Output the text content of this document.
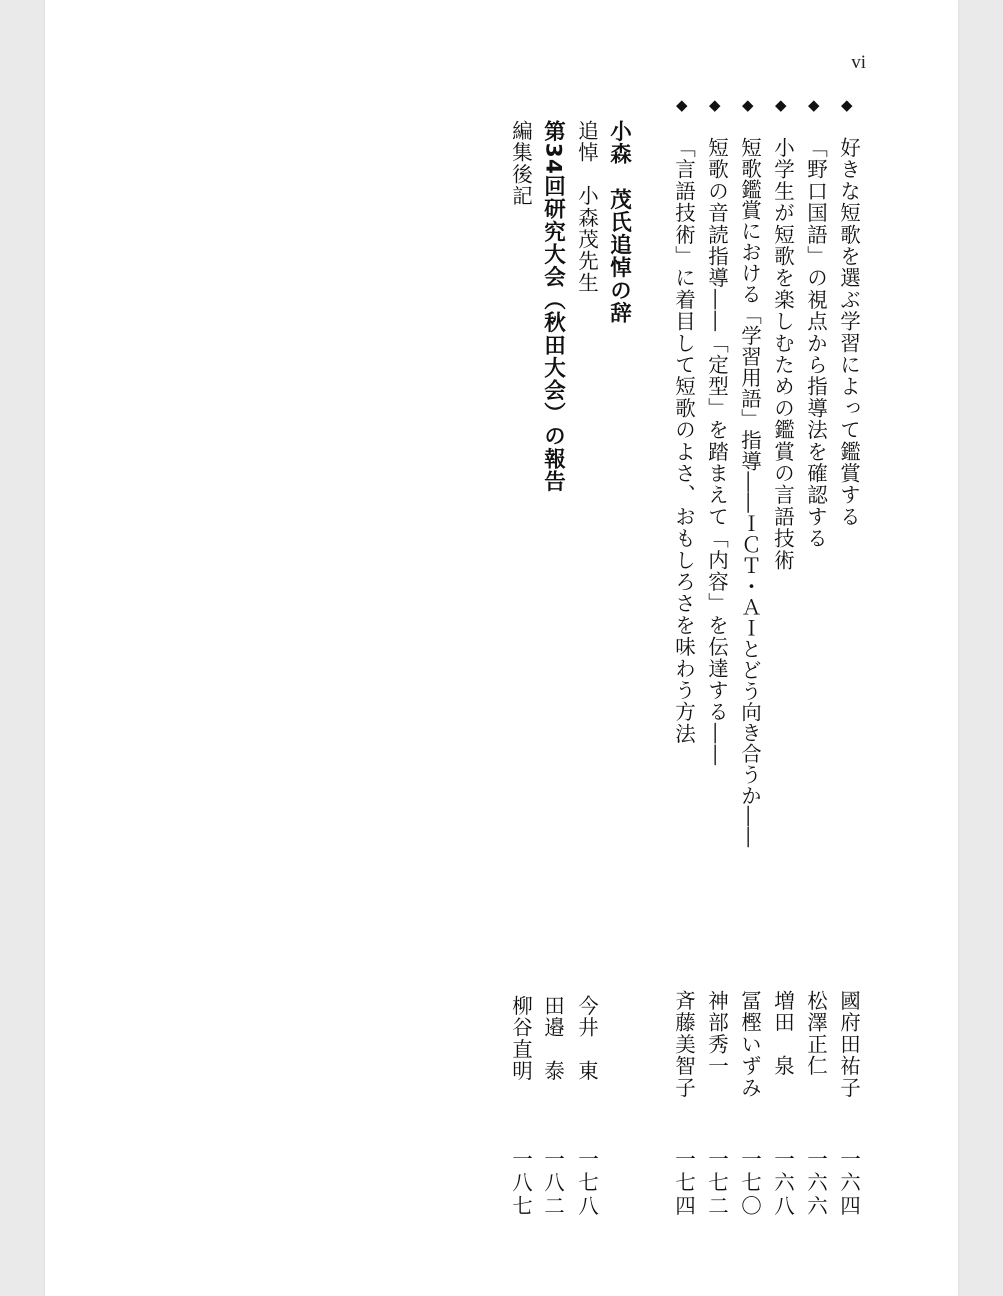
vi
◆
◆
◆
◆
◆
◆
好きな短歌を選ぶ学習によって鑑賞する
國府田祐子
一六四
「野口国語」の視点から指導法を確認する
松澤正仁
一六六
小学生が短歌を楽しむための鑑賞の言語技術
増田　泉
一六八
短歌鑑賞における「学習用語」指導――ＩＣＴ・ＡＩとどう向き合うか――
冨樫いずみ
一七〇
短歌の音読指導――「定型」を踏まえて「内容」を伝達する――
神部秀一
一七二
「言語技術」に着目して短歌のよさ、おもしろさを味わう方法
斉藤美智子
一七四
小森　茂氏追悼の辞
追悼　小森茂先生
今井　東
一七八
第34回研究大会（秋田大会）の報告
田邉　泰
一八二
編集後記
柳谷直明
一八七
